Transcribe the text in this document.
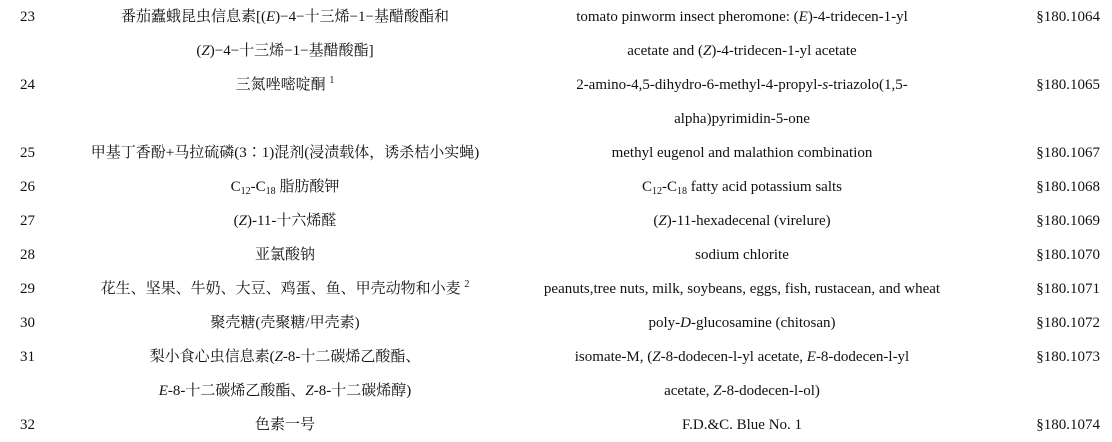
23	番茄蠹蛾昆虫信息素[(E)−4−十三烯−1−基醋酸酯和
(Z)−4−十三烯−1−基醋酸酯]	tomato pinworm insect pheromone: (E)-4-tridecen-1-yl
acetate and (Z)-4-tridecen-1-yl acetate	§180.1064
24	三氮唑嘧啶酮 $^1$	2-amino-4,5-dihydro-6-methyl-4-propyl-s-triazolo(1,5-
alpha)pyrimidin-5-one	§180.1065
25	甲基丁香酚+马拉硫磷(3∶1)混剂(浸渍载体，诱杀桔小实蝇)	methyl eugenol and malathion combination	§180.1067
26	$C_{12}-C_{18}$ 脂肪酸钾	$C_{12}-C_{18}$ fatty acid potassium salts	§180.1068
27	(Z)-11-十六烯醛	(Z)-11-hexadecenal (virelure)	§180.1069
28	亚氯酸钠	sodium chlorite	§180.1070
29	花生、坚果、牛奶、大豆、鸡蛋、鱼、甲壳动物和小麦 $^2$	peanuts,tree nuts, milk, soybeans, eggs, fish, rustacean, and wheat	§180.1071
30	聚壳糖(壳聚糖/甲壳素)	poly-D-glucosamine (chitosan)	§180.1072
31	梨小食心虫信息素(Z-8-十二碳烯乙酸酯、
E-8-十二碳烯乙酸酯、Z-8-十二碳烯醇)	isomate-M, (Z-8-dodecen-l-yl acetate, E-8-dodecen-l-yl
acetate, Z-8-dodecen-l-ol)	§180.1073
32	色素一号	F.D.&C. Blue No. 1	§180.1074
